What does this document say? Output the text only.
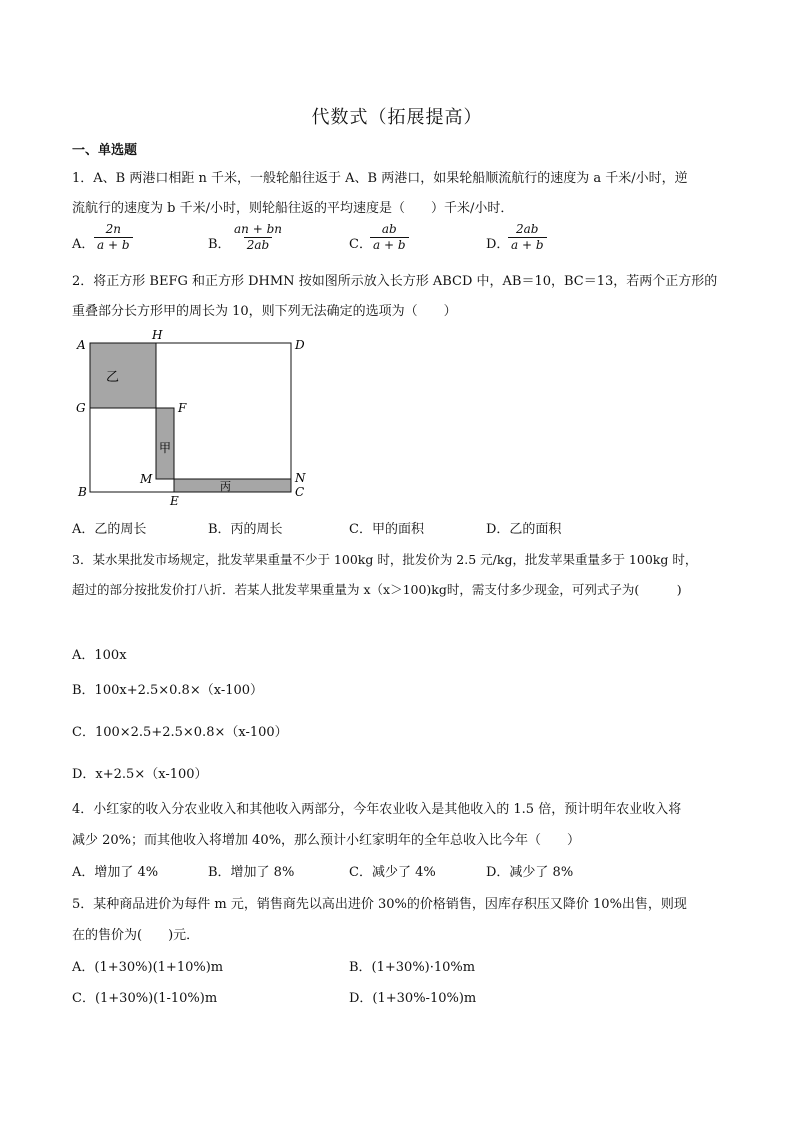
代数式（拓展提高）
一、单选题
1．A、B 两港口相距 n 千米，一般轮船往返于 A、B 两港口，如果轮船顺流航行的速度为 a 千米/小时，逆
流航行的速度为 b 千米/小时，则轮船往返的平均速度是（　　）千米/小时．
A． $\frac{2n}{a + b}$	B． $\frac{an + bn}{2ab}$	C．
$\frac{ab}{a + b}$	D．
$\frac{2ab}{a + b}$
2．将正方形 BEFG 和正方形 DHMN 按如图所示放入长方形 ABCD 中，AB＝10，BC＝13，若两个正方形的
重叠部分长方形甲的周长为 10，则下列无法确定的选项为（　　）
乙
甲
丙
A
H
D
G	F
M
B
E
C
N
A．乙的周长	B．丙的周长	C．甲的面积	D．乙的面积
3．某水果批发市场规定，批发苹果重量不少于 100kg 时，批发价为 2.5 元/kg，批发苹果重量多于 100kg 时，
超过的部分按批发价打八折．若某人批发苹果重量为 x（x＞100)kg时，需支付多少现金，可列式子为(　　　)
A．100x
B．100x+2.5×0.8×（x-100）
C．100×2.5+2.5×0.8×（x-100）
D．x+2.5×（x-100）
4．小红家的收入分农业收入和其他收入两部分，今年农业收入是其他收入的 1.5 倍，预计明年农业收入将
减少 20%；而其他收入将增加 40%，那么预计小红家明年的全年总收入比今年（　　）
A．增加了 4%	B．增加了 8%	C．减少了 4%	D．减少了 8%
5．某种商品进价为每件 m 元，销售商先以高出进价 30%的价格销售，因库存积压又降价 10%出售，则现
在的售价为(　　)元．
A．(1+30%)(1+10%)m	B．(1+30%)·10%m
C．(1+30%)(1-10%)m	D．(1+30%-10%)m
